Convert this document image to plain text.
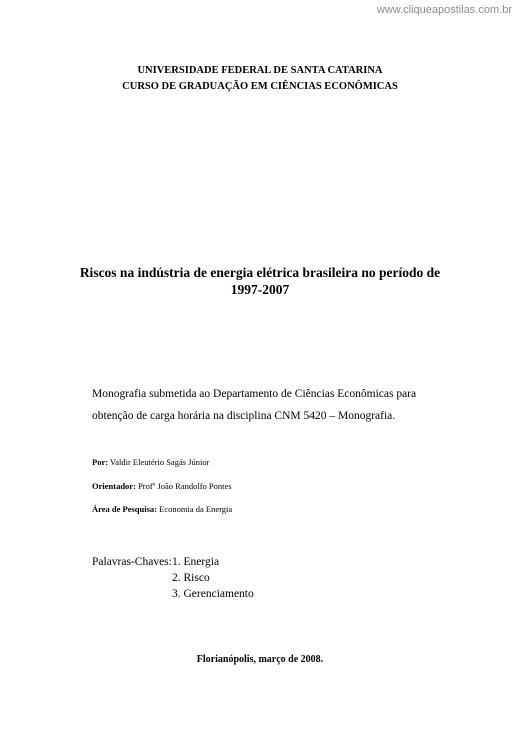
www.cliqueapostilas.com.br
UNIVERSIDADE FEDERAL DE SANTA CATARINA
CURSO DE GRADUAÇÃO EM CIÊNCIAS ECONÔMICAS
Riscos na indústria de energia elétrica brasileira no período de
1997-2007
Monografia submetida ao Departamento de Ciências Econômicas para
obtenção de carga horária na disciplina CNM 5420 – Monografia.
Por: Valdir Eleutério Sagás Júnior
Orientador: Profº João Randolfo Pontes
Área de Pesquisa: Economia da Energia
Palavras-Chaves: 1. Energia
2. Risco
3. Gerenciamento
Florianópolis, março de 2008.
